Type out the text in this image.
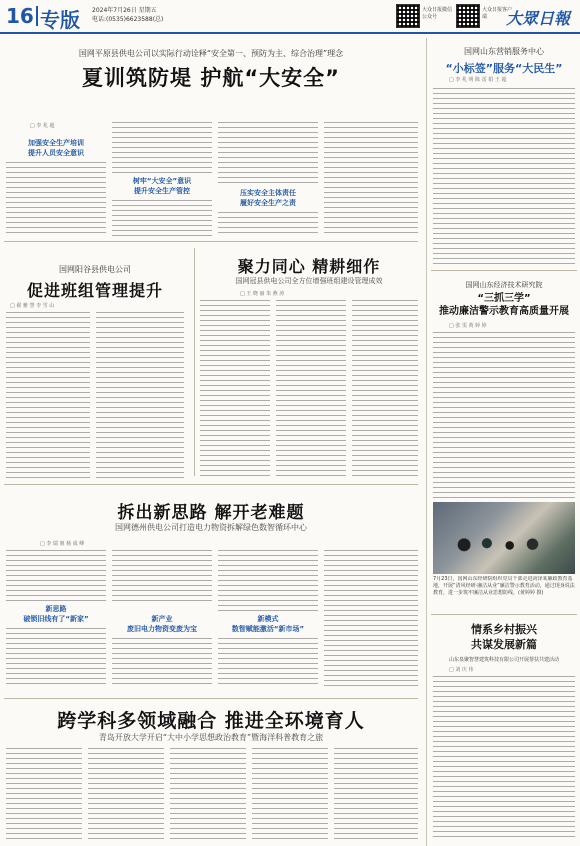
16 专版 2024年7月26日 星期五
电话:(0535)6623588(总)
大众日报微信公众号
大众日报客户端	大眾日報
国网平原县供电公司以实际行动诠释“安全第一、预防为主、综合治理”理念
夏训筑防堤 护航“大安全”
□ 李 兆 超
加强安全生产培训
提升人员安全意识
树牢“大安全”意识
提升安全生产管控	压实安全主体责任
履好安全生产之责
国网阳谷县供电公司
促进班组管理提升
□ 翟 雅 慧 李 雪 山
聚力同心 精耕细作
国网冠县供电公司全方位增强班组建设管理成效
□ 王 晓 丽 朱 燕 涛
拆出新思路 解开老难题
国网德州供电公司打造电力物资拆解绿色数智循环中心
□ 李 瑞 朋 杨 成 峰
新思路
破锁旧线有了“新家”	新产业
废旧电力物资变废为宝
新模式
数智赋能激活“新市场”
跨学科多领域融合 推进全环境育人
青岛开放大学开启“大中小学思想政治教育”暨海洋科普教育之旅
国网山东营销服务中心
“小标签”服务“大民生”
□ 李 兆 明 陈 雷 娟 王 超
国网山东经济技术研究院
“三抓三学”
推动廉洁警示教育高质量开展
□ 张 雯 黄 婷 婷
7月23日，国网山东经研院组织党员干部走进菏泽某廉政教育基地，开展“清风经研·廉洁从业”廉洁警示教育活动，通过现身说法教育，进一步筑牢廉洁从业思想防线。(黄婷婷 摄)
情系乡村振兴
共谋发展新篇
山东泉聚智慧建筑科技有限公司开展帮扶共建活动
□ 刘 庆 伟
